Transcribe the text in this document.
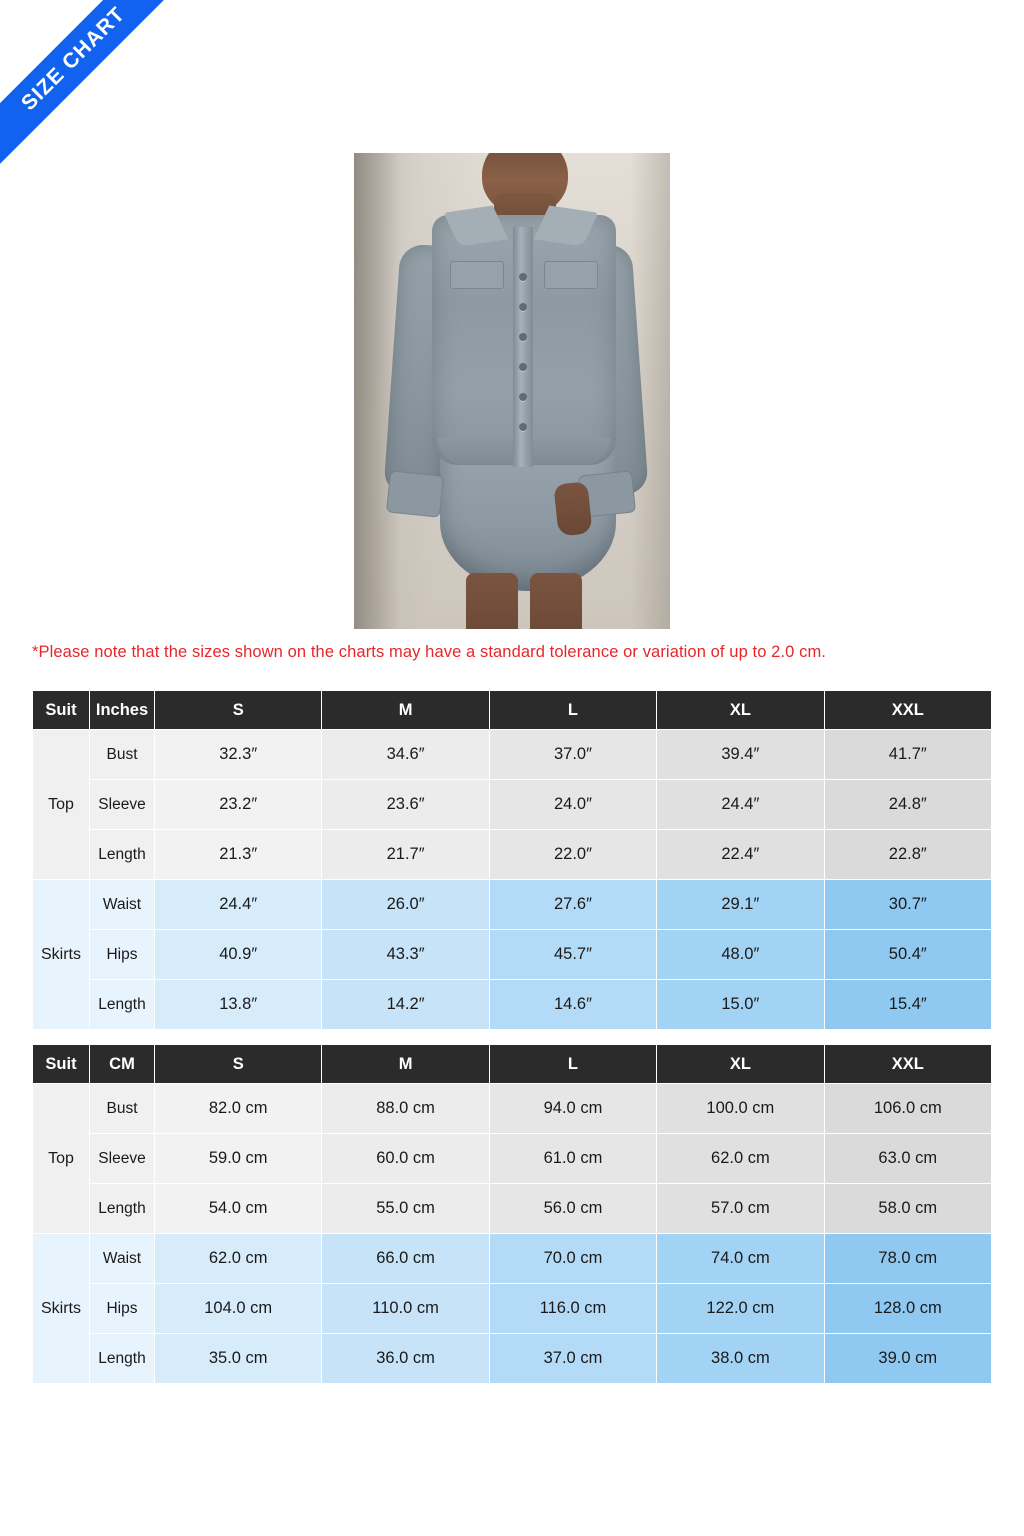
SIZE CHART
*Please note that the sizes shown on the charts may have a standard tolerance or variation of up to 2.0 cm.
Suit	Inches	S	M	L	XL	XXL
Top	Bust	32.3″	34.6″	37.0″	39.4″	41.7″
	Sleeve	23.2″	23.6″	24.0″	24.4″	24.8″
	Length	21.3″	21.7″	22.0″	22.4″	22.8″
Skirts	Waist	24.4″	26.0″	27.6″	29.1″	30.7″
	Hips	40.9″	43.3″	45.7″	48.0″	50.4″
	Length	13.8″	14.2″	14.6″	15.0″	15.4″
Suit	CM	S	M	L	XL	XXL
Top	Bust	82.0 cm	88.0 cm	94.0 cm	100.0 cm	106.0 cm
	Sleeve	59.0 cm	60.0 cm	61.0 cm	62.0 cm	63.0 cm
	Length	54.0 cm	55.0 cm	56.0 cm	57.0 cm	58.0 cm
Skirts	Waist	62.0 cm	66.0 cm	70.0 cm	74.0 cm	78.0 cm
	Hips	104.0 cm	110.0 cm	116.0 cm	122.0 cm	128.0 cm
	Length	35.0 cm	36.0 cm	37.0 cm	38.0 cm	39.0 cm
